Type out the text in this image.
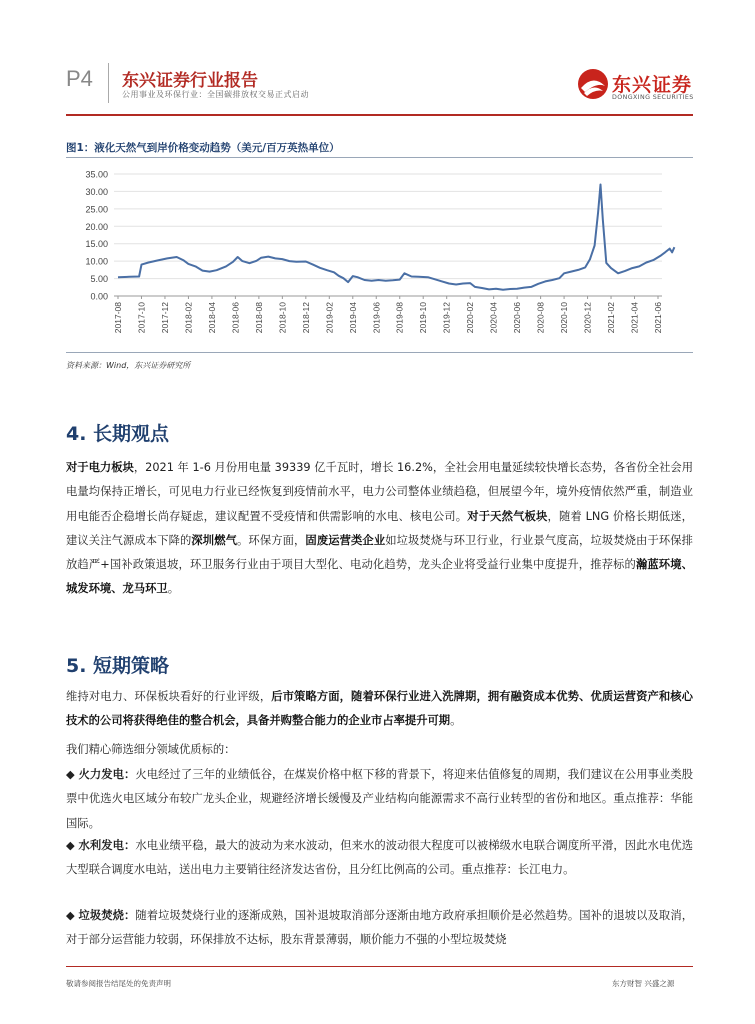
P4 东兴证券行业报告
公用事业及环保行业：全国碳排放权交易正式启动	东兴证券
DONGXING SECURITIES
图1：液化天然气到岸价格变动趋势（美元/百万英热单位）
35.00
30.00
25.00
20.00
15.00
10.00
5.00
0.00
2017-08 2017-10 2017-12 2018-02 2018-04 2018-06 2018-08 2018-10 2018-12 2019-02 2019-04 2019-06 2019-08 2019-10 2019-12 2020-02 2020-04 2020-06 2020-08 2020-10 2020-12 2021-02 2021-04 2021-06
资料来源：Wind，东兴证券研究所
4. 长期观点
对于电力板块，2021 年 1-6 月份用电量 39339 亿千瓦时，增长 16.2%，全社会用电量延续较快增长态势，各省份全社会用电量均保持正增长，可见电力行业已经恢复到疫情前水平，电力公司整体业绩趋稳，但展望今年，境外疫情依然严重，制造业用电能否企稳增长尚存疑虑，建议配置不受疫情和供需影响的水电、核电公司。对于天然气板块，随着 LNG 价格长期低迷，建议关注气源成本下降的深圳燃气。环保方面，固废运营类企业如垃圾焚烧与环卫行业，行业景气度高，垃圾焚烧由于环保排放趋严+国补政策退坡，环卫服务行业由于项目大型化、电动化趋势，龙头企业将受益行业集中度提升，推荐标的瀚蓝环境、城发环境、龙马环卫。
5. 短期策略
维持对电力、环保板块看好的行业评级，后市策略方面，随着环保行业进入洗牌期，拥有融资成本优势、优质运营资产和核心技术的公司将获得绝佳的整合机会，具备并购整合能力的企业市占率提升可期。
我们精心筛选细分领域优质标的：
◆ 火力发电：火电经过了三年的业绩低谷，在煤炭价格中枢下移的背景下，将迎来估值修复的周期，我们建议在公用事业类股票中优选火电区域分布较广龙头企业，规避经济增长缓慢及产业结构向能源需求不高行业转型的省份和地区。重点推荐：华能国际。
◆ 水利发电：水电业绩平稳，最大的波动为来水波动，但来水的波动很大程度可以被梯级水电联合调度所平滑，因此水电优选大型联合调度水电站，送出电力主要销往经济发达省份，且分红比例高的公司。重点推荐：长江电力。
◆ 垃圾焚烧：随着垃圾焚烧行业的逐渐成熟，国补退坡取消部分逐渐由地方政府承担顺价是必然趋势。国补的退坡以及取消，对于部分运营能力较弱，环保排放不达标，股东背景薄弱，顺价能力不强的小型垃圾焚烧
敬请参阅报告结尾处的免责声明	东方财智 兴盛之源
